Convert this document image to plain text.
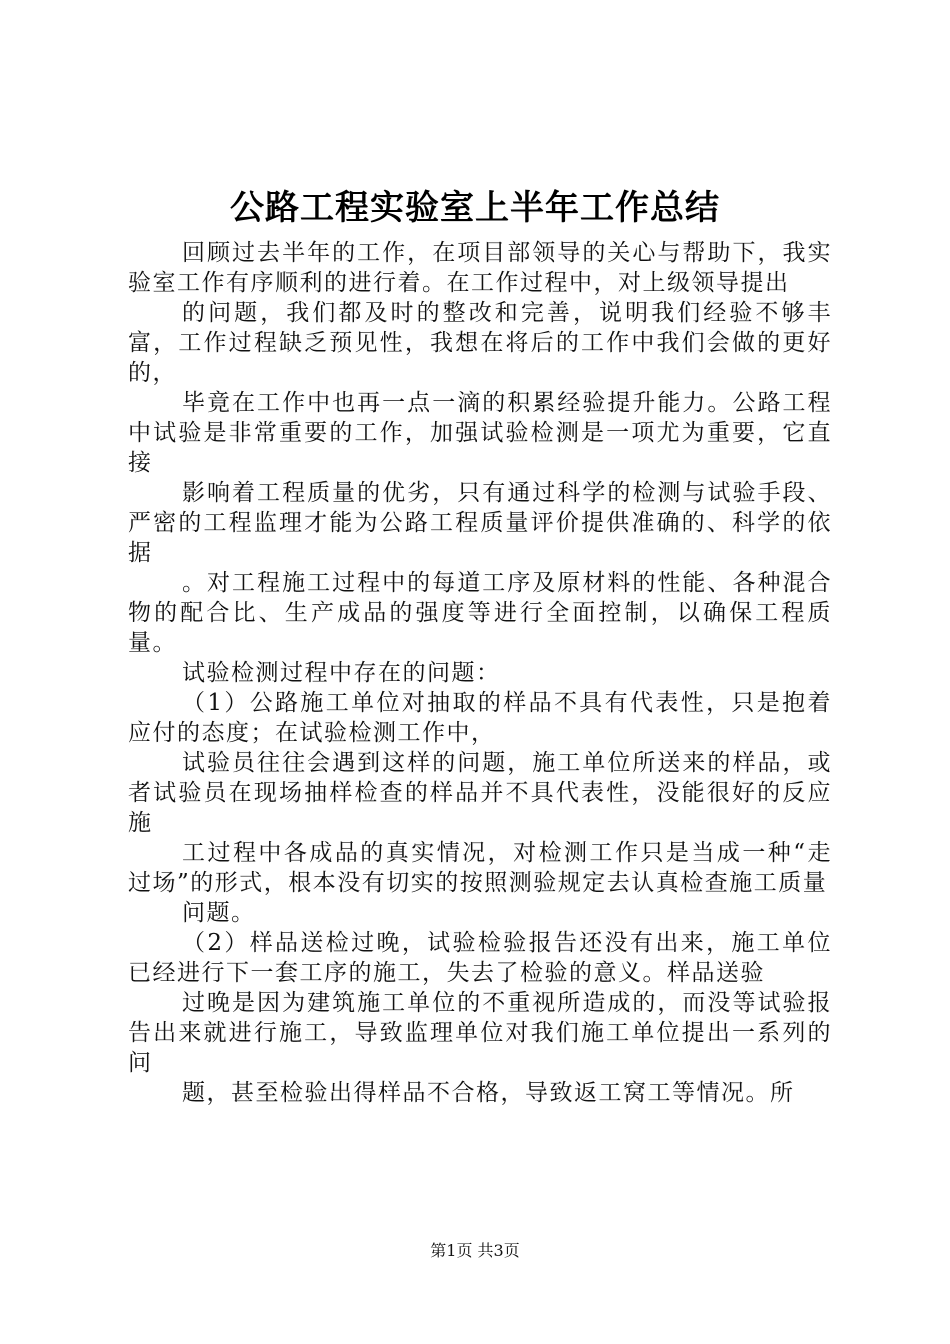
公路工程实验室上半年工作总结

回顾过去半年的工作，在项目部领导的关心与帮助下，我实验室工作有序顺利的进行着。在工作过程中，对上级领导提出

的问题，我们都及时的整改和完善，说明我们经验不够丰富，工作过程缺乏预见性，我想在将后的工作中我们会做的更好的，

毕竟在工作中也再一点一滴的积累经验提升能力。公路工程中试验是非常重要的工作，加强试验检测是一项尤为重要，它直接

影响着工程质量的优劣，只有通过科学的检测与试验手段、严密的工程监理才能为公路工程质量评价提供准确的、科学的依据

。对工程施工过程中的每道工序及原材料的性能、各种混合物的配合比、生产成品的强度等进行全面控制，以确保工程质量。

试验检测过程中存在的问题：

（1）公路施工单位对抽取的样品不具有代表性，只是抱着应付的态度；在试验检测工作中，

试验员往往会遇到这样的问题，施工单位所送来的样品，或者试验员在现场抽样检查的样品并不具代表性，没能很好的反应施

工过程中各成品的真实情况，对检测工作只是当成一种“走过场”的形式，根本没有切实的按照测验规定去认真检查施工质量

问题。

（2）样品送检过晚，试验检验报告还没有出来，施工单位已经进行下一套工序的施工，失去了检验的意义。样品送验

过晚是因为建筑施工单位的不重视所造成的，而没等试验报告出来就进行施工，导致监理单位对我们施工单位提出一系列的问

题，甚至检验出得样品不合格，导致返工窝工等情况。所

第1页 共3页
